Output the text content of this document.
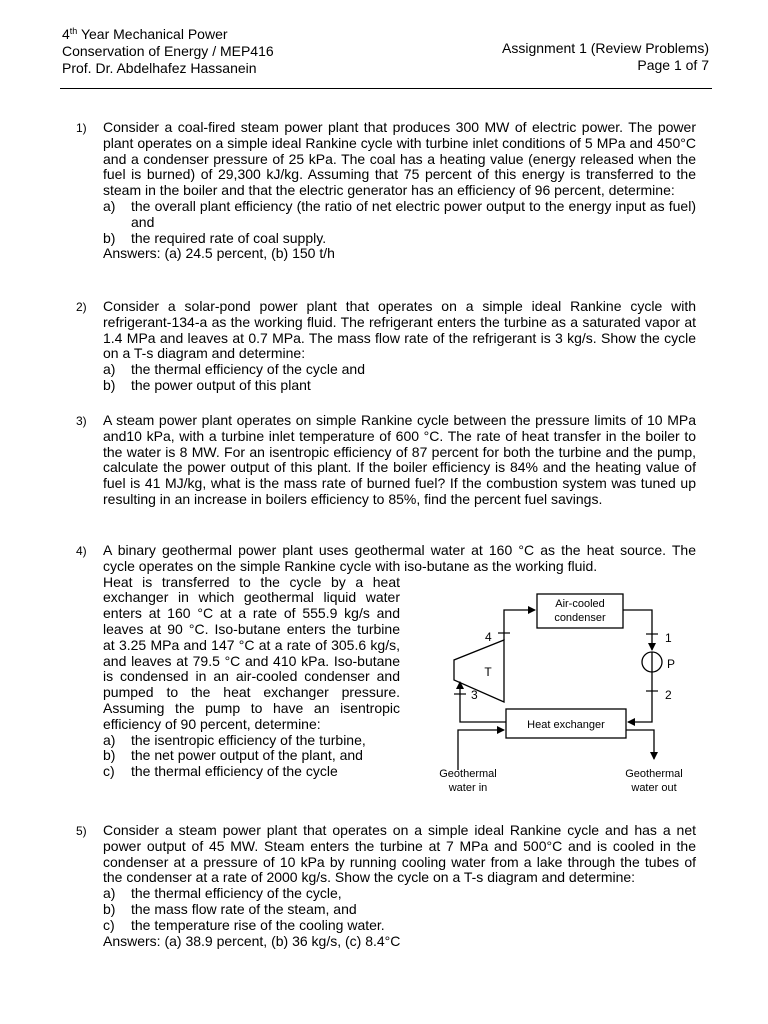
4th Year Mechanical Power
Conservation of Energy / MEP416
Prof. Dr. Abdelhafez Hassanein
Assignment 1 (Review Problems)
Page 1 of 7
1) Consider a coal-fired steam power plant that produces 300 MW of electric power. The power plant operates on a simple ideal Rankine cycle with turbine inlet conditions of 5 MPa and 450°C and a condenser pressure of 25 kPa. The coal has a heating value (energy released when the fuel is burned) of 29,300 kJ/kg. Assuming that 75 percent of this energy is transferred to the steam in the boiler and that the electric generator has an efficiency of 96 percent, determine:

a) the overall plant efficiency (the ratio of net electric power output to the energy input as fuel) and
b) the required rate of coal supply.

Answers: (a) 24.5 percent, (b) 150 t/h

2) Consider a solar-pond power plant that operates on a simple ideal Rankine cycle with refrigerant-134-a as the working fluid. The refrigerant enters the turbine as a saturated vapor at 1.4 MPa and leaves at 0.7 MPa. The mass flow rate of the refrigerant is 3 kg/s. Show the cycle on a T-s diagram and determine:

a) the thermal efficiency of the cycle and
b) the power output of this plant
3) A steam power plant operates on simple Rankine cycle between the pressure limits of 10 MPa and10 kPa, with a turbine inlet temperature of 600 °C. The rate of heat transfer in the boiler to the water is 8 MW. For an isentropic efficiency of 87 percent for both the turbine and the pump, calculate the power output of this plant. If the boiler efficiency is 84% and the heating value of fuel is 41 MJ/kg, what is the mass rate of burned fuel? If the combustion system was tuned up resulting in an increase in boilers efficiency to 85%, find the percent fuel savings.

4) A binary geothermal power plant uses geothermal water at 160 °C as the heat source. The cycle operates on the simple Rankine cycle with iso-butane as the working fluid.

Heat is transferred to the cycle by a heat exchanger in which geothermal liquid water enters at 160 °C at a rate of 555.9 kg/s and leaves at 90 °C. Iso-butane enters the turbine at 3.25 MPa and 147 °C at a rate of 305.6 kg/s, and leaves at 79.5 °C and 410 kPa. Iso-butane is condensed in an air-cooled condenser and pumped to the heat exchanger pressure. Assuming the pump to have an isentropic efficiency of 90 percent, determine:

a) the isentropic efficiency of the turbine,
b) the net power output of the plant, and
c) the thermal efficiency of the cycle
Air-cooled
condenser
Heat exchanger
T
P
4	1
2
3
Geothermal
water in
Geothermal
water out
5) Consider a steam power plant that operates on a simple ideal Rankine cycle and has a net power output of 45 MW. Steam enters the turbine at 7 MPa and 500°C and is cooled in the condenser at a pressure of 10 kPa by running cooling water from a lake through the tubes of the condenser at a rate of 2000 kg/s. Show the cycle on a T-s diagram and determine:

a) the thermal efficiency of the cycle,
b) the mass flow rate of the steam, and
c) the temperature rise of the cooling water.

Answers: (a) 38.9 percent, (b) 36 kg/s, (c) 8.4°C
